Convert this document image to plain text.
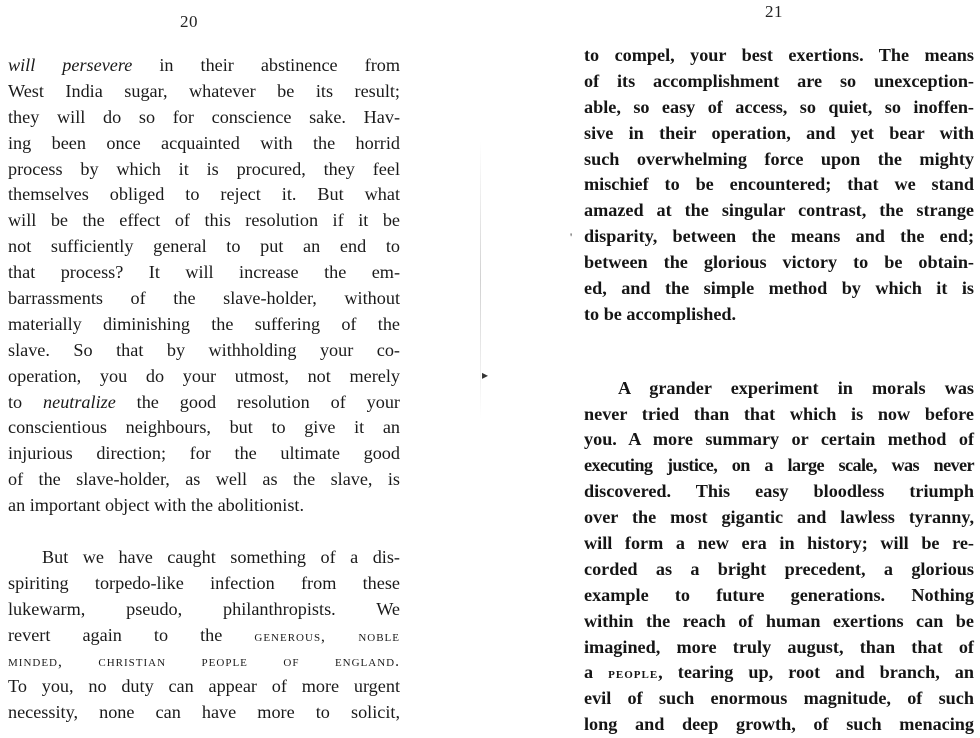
20
will persevere in their abstinence from
West India sugar, whatever be its result;
they will do so for conscience sake. Hav-
ing been once acquainted with the horrid
process by which it is procured, they feel
themselves obliged to reject it. But what
will be the effect of this resolution if it be
not sufficiently general to put an end to
that process? It will increase the em-
barrassments of the slave-holder, without
materially diminishing the suffering of the
slave. So that by withholding your co-
operation, you do your utmost, not merely
to neutralize the good resolution of your
conscientious neighbours, but to give it an
injurious direction; for the ultimate good
of the slave-holder, as well as the slave, is
an important object with the abolitionist.
But we have caught something of a dis-
spiriting torpedo-like infection from these
lukewarm, pseudo, philanthropists. We
revert again to the generous, noble
minded, christian people of england.
To you, no duty can appear of more urgent
necessity, none can have more to solicit,
▸
'
21
to compel, your best exertions. The means
of its accomplishment are so unexception-
able, so easy of access, so quiet, so inoffen-
sive in their operation, and yet bear with
such overwhelming force upon the mighty
mischief to be encountered; that we stand
amazed at the singular contrast, the strange
disparity, between the means and the end;
between the glorious victory to be obtain-
ed, and the simple method by which it is
to be accomplished.
A grander experiment in morals was
never tried than that which is now before
you. A more summary or certain method of
executing justice, on a large scale, was never
discovered. This easy bloodless triumph
over the most gigantic and lawless tyranny,
will form a new era in history; will be re-
corded as a bright precedent, a glorious
example to future generations. Nothing
within the reach of human exertions can be
imagined, more truly august, than that of
a people, tearing up, root and branch, an
evil of such enormous magnitude, of such
long and deep growth, of such menacing
